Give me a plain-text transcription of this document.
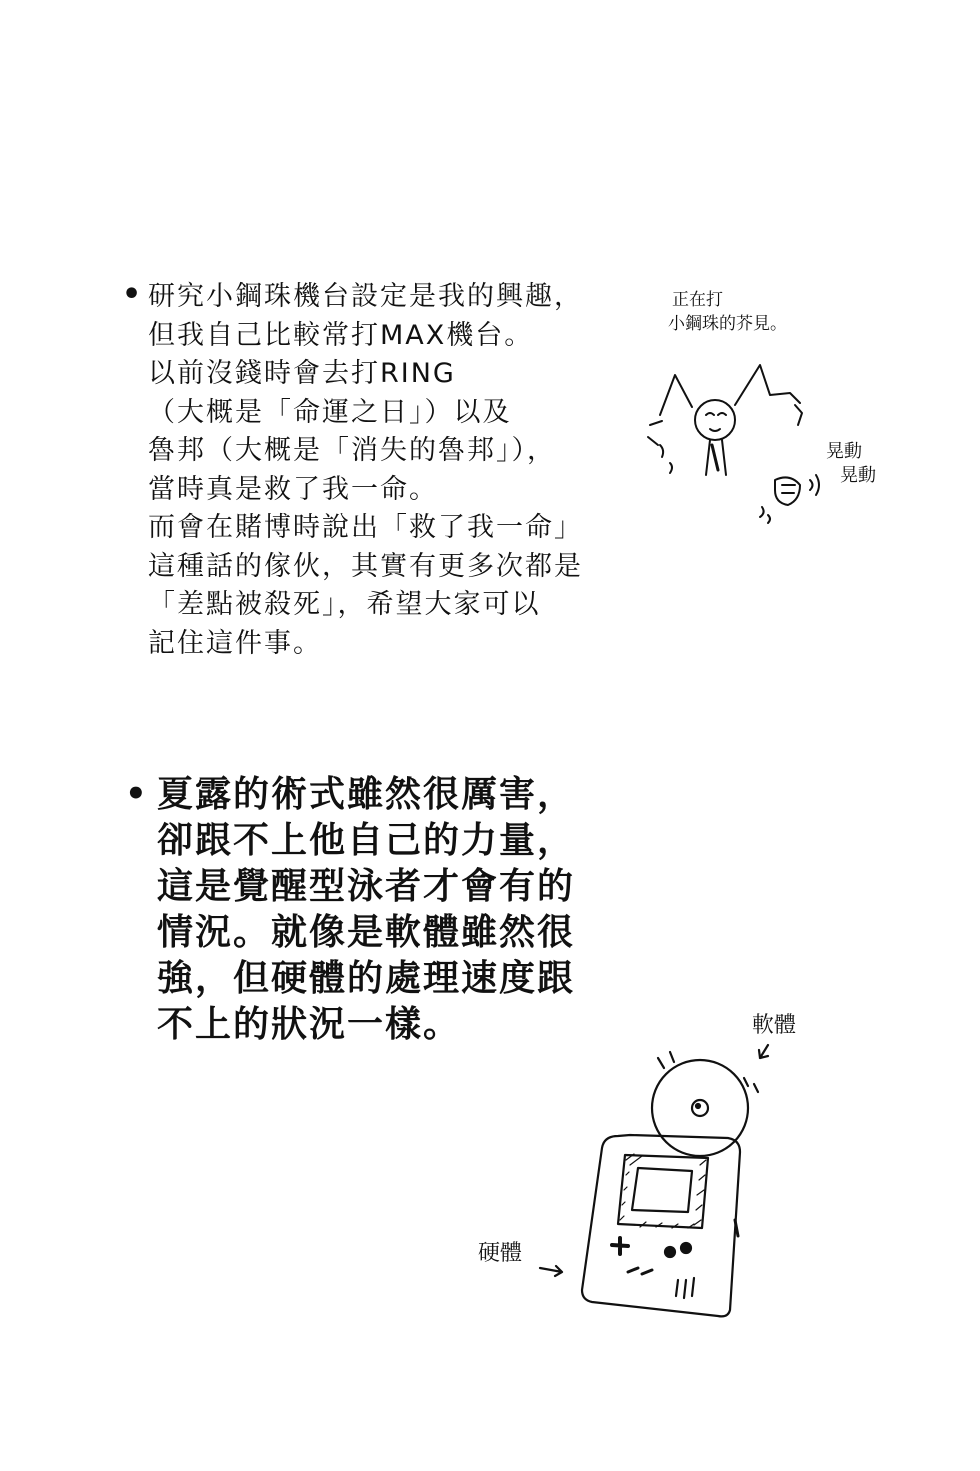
• 研究小鋼珠機台設定是我的興趣，
但我自己比較常打MAX機台。
以前沒錢時會去打RING
（大概是「命運之日」）以及
魯邦（大概是「消失的魯邦」），
當時真是救了我一命。
而會在賭博時說出「救了我一命」
這種話的傢伙，其實有更多次都是
「差點被殺死」，希望大家可以
記住這件事。
正在打
小鋼珠的芥見。
晃動
晃動
• 夏露的術式雖然很厲害，
卻跟不上他自己的力量，
這是覺醒型泳者才會有的
情況。就像是軟體雖然很
強，但硬體的處理速度跟
不上的狀況一樣。	軟體
硬體
